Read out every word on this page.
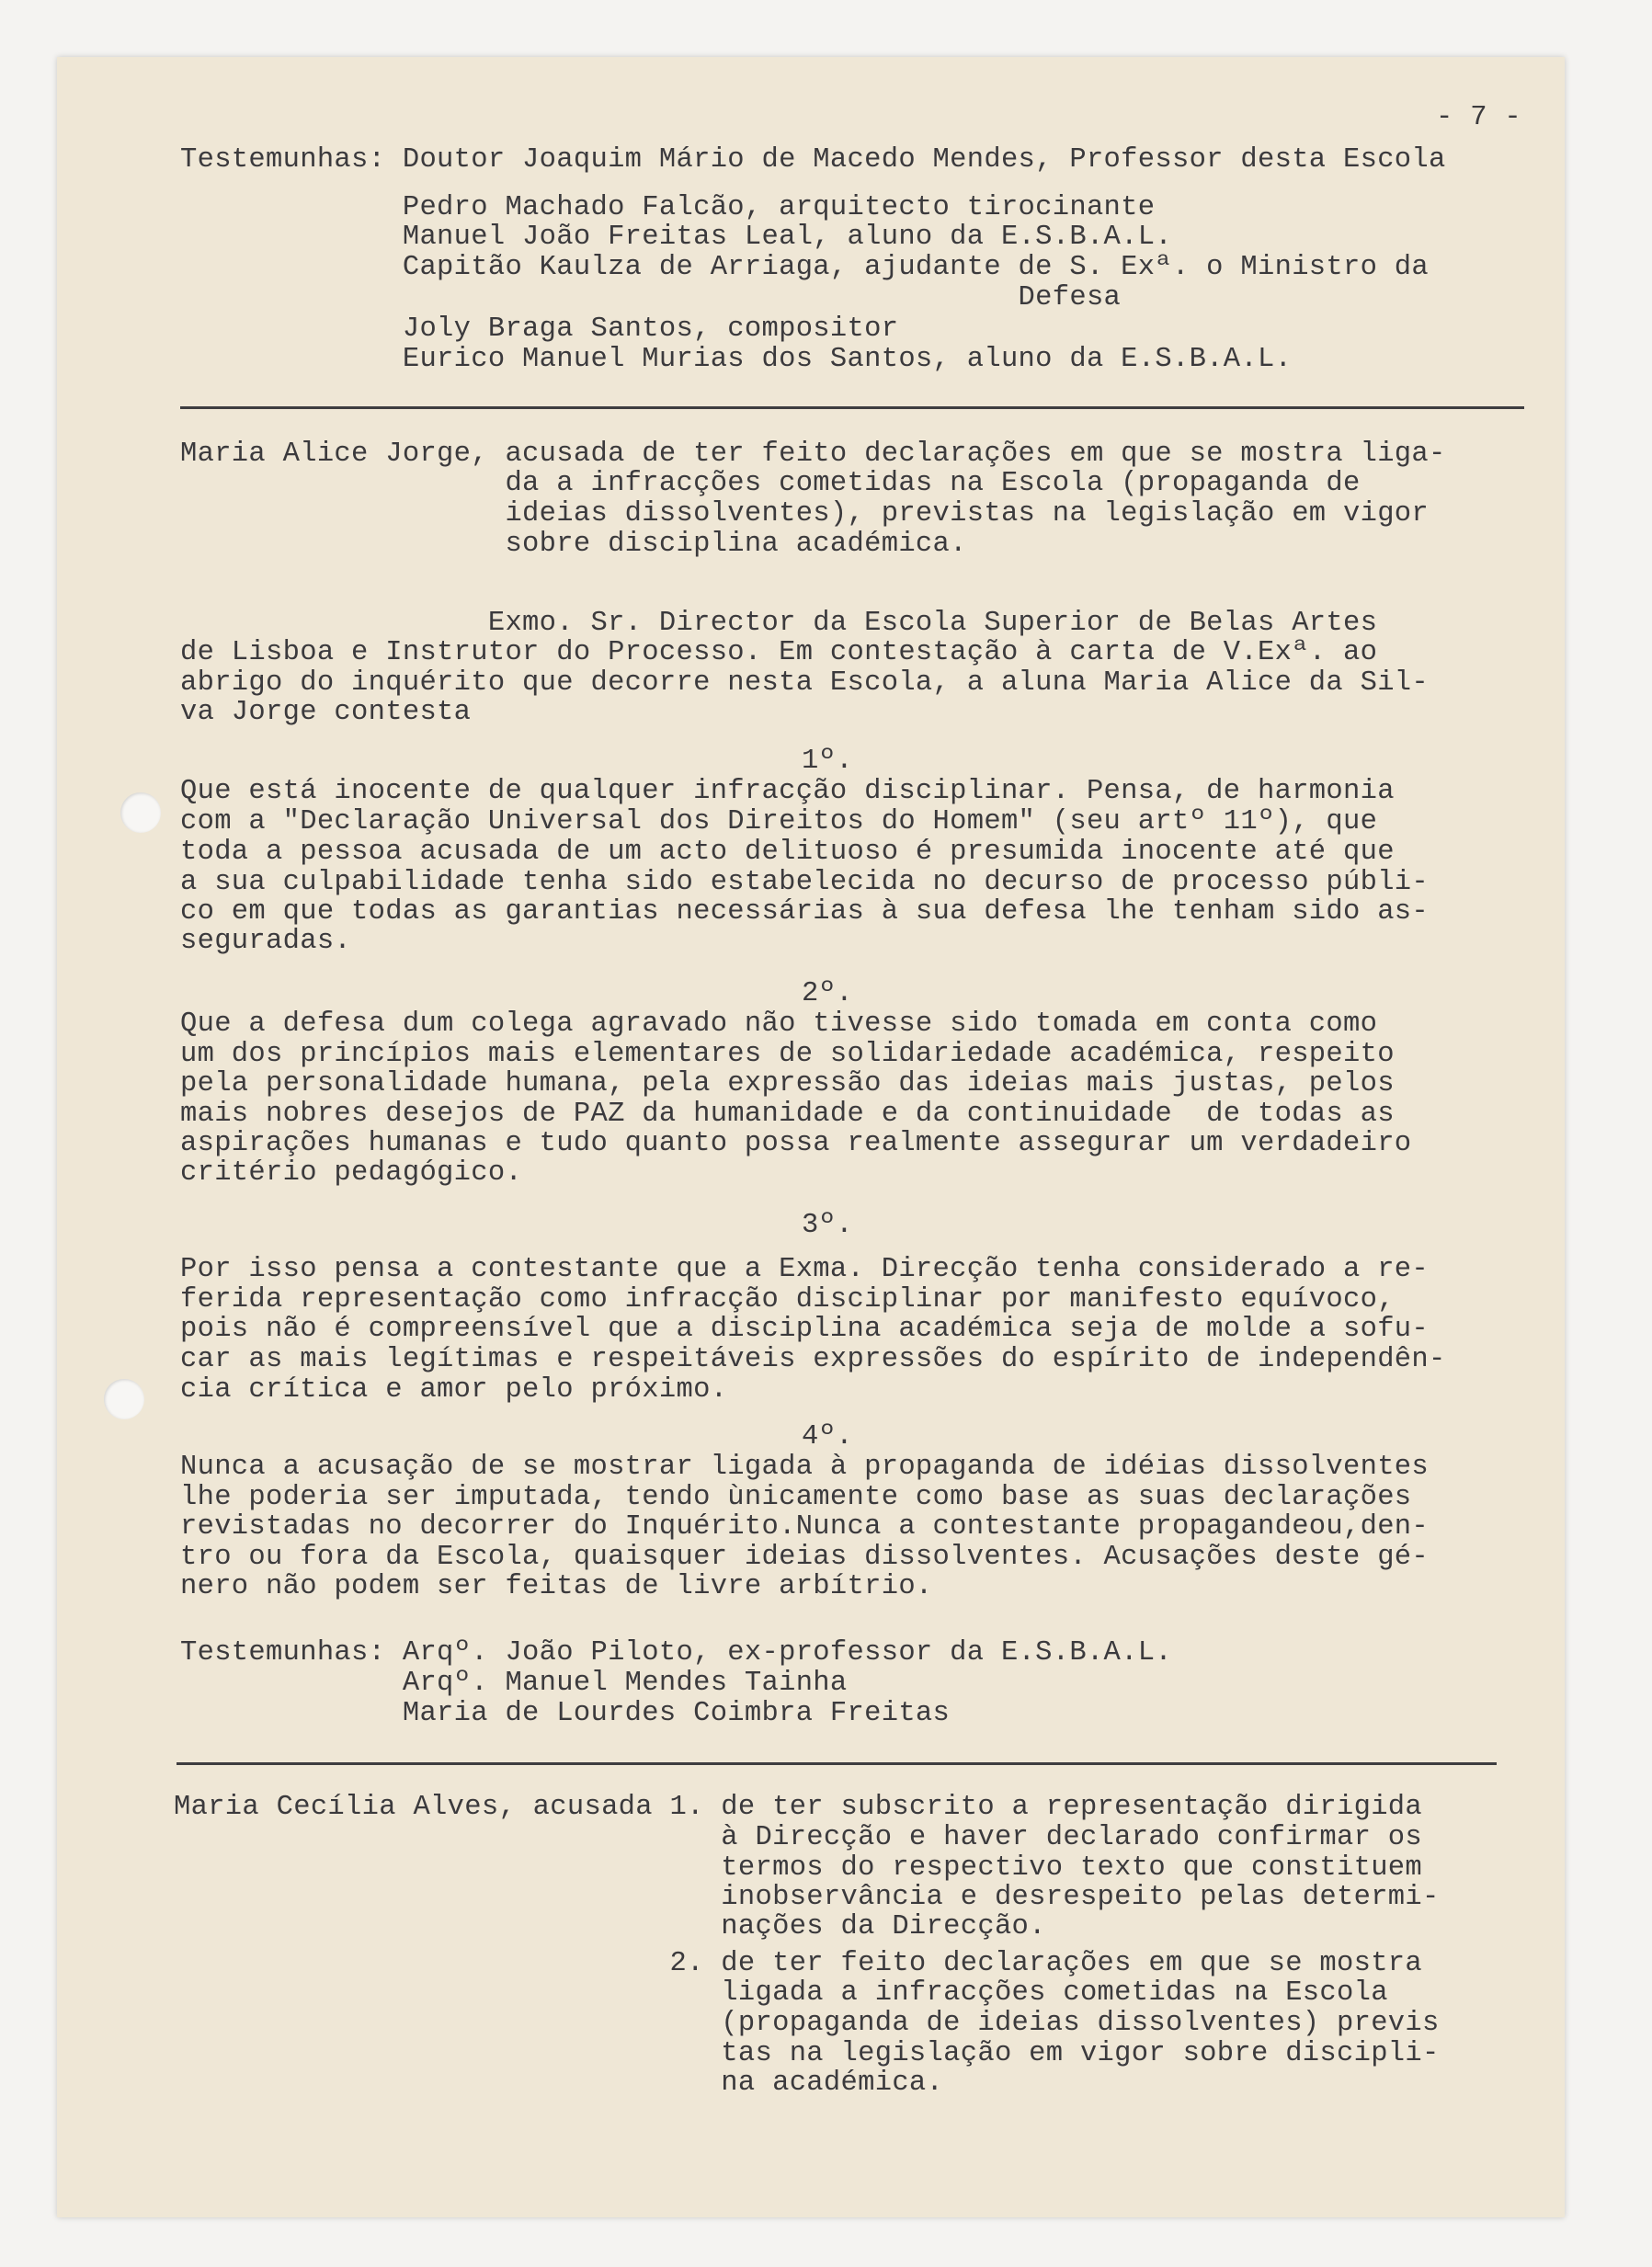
- 7 -

Testemunhas: Doutor Joaquim Mário de Macedo Mendes, Professor desta Escola

Pedro Machado Falcão, arquitecto tirocinante

Manuel João Freitas Leal, aluno da E.S.B.A.L.

Capitão Kaulza de Arriaga, ajudante de S. Exª. o Ministro da

Defesa

Joly Braga Santos, compositor

Eurico Manuel Murias dos Santos, aluno da E.S.B.A.L.

Maria Alice Jorge, acusada de ter feito declarações em que se mostra liga-

da a infracções cometidas na Escola (propaganda de

ideias dissolventes), previstas na legislação em vigor

sobre disciplina académica.

Exmo. Sr. Director da Escola Superior de Belas Artes

de Lisboa e Instrutor do Processo. Em contestação à carta de V.Exª. ao

abrigo do inquérito que decorre nesta Escola, a aluna Maria Alice da Sil-

va Jorge contesta

1º.

Que está inocente de qualquer infracção disciplinar. Pensa, de harmonia

com a "Declaração Universal dos Direitos do Homem" (seu artº 11º), que

toda a pessoa acusada de um acto delituoso é presumida inocente até que

a sua culpabilidade tenha sido estabelecida no decurso de processo públi-

co em que todas as garantias necessárias à sua defesa lhe tenham sido as-

seguradas.

2º.

Que a defesa dum colega agravado não tivesse sido tomada em conta como

um dos princípios mais elementares de solidariedade académica, respeito

pela personalidade humana, pela expressão das ideias mais justas, pelos

mais nobres desejos de PAZ da humanidade e da continuidade  de todas as

aspirações humanas e tudo quanto possa realmente assegurar um verdadeiro

critério pedagógico.

3º.

Por isso pensa a contestante que a Exma. Direcção tenha considerado a re-

ferida representação como infracção disciplinar por manifesto equívoco,

pois não é compreensível que a disciplina académica seja de molde a sofu-

car as mais legítimas e respeitáveis expressões do espírito de independên-

cia crítica e amor pelo próximo.

4º.

Nunca a acusação de se mostrar ligada à propaganda de idéias dissolventes

lhe poderia ser imputada, tendo ùnicamente como base as suas declarações

revistadas no decorrer do Inquérito.Nunca a contestante propagandeou,den-

tro ou fora da Escola, quaisquer ideias dissolventes. Acusações deste gé-

nero não podem ser feitas de livre arbítrio.

Testemunhas: Arqº. João Piloto, ex-professor da E.S.B.A.L.

Arqº. Manuel Mendes Tainha

Maria de Lourdes Coimbra Freitas

Maria Cecília Alves, acusada 1. de ter subscrito a representação dirigida

à Direcção e haver declarado confirmar os

termos do respectivo texto que constituem

inobservância e desrespeito pelas determi-

nações da Direcção.

2. de ter feito declarações em que se mostra

ligada a infracções cometidas na Escola

(propaganda de ideias dissolventes) previs

tas na legislação em vigor sobre discipli-

na académica.
